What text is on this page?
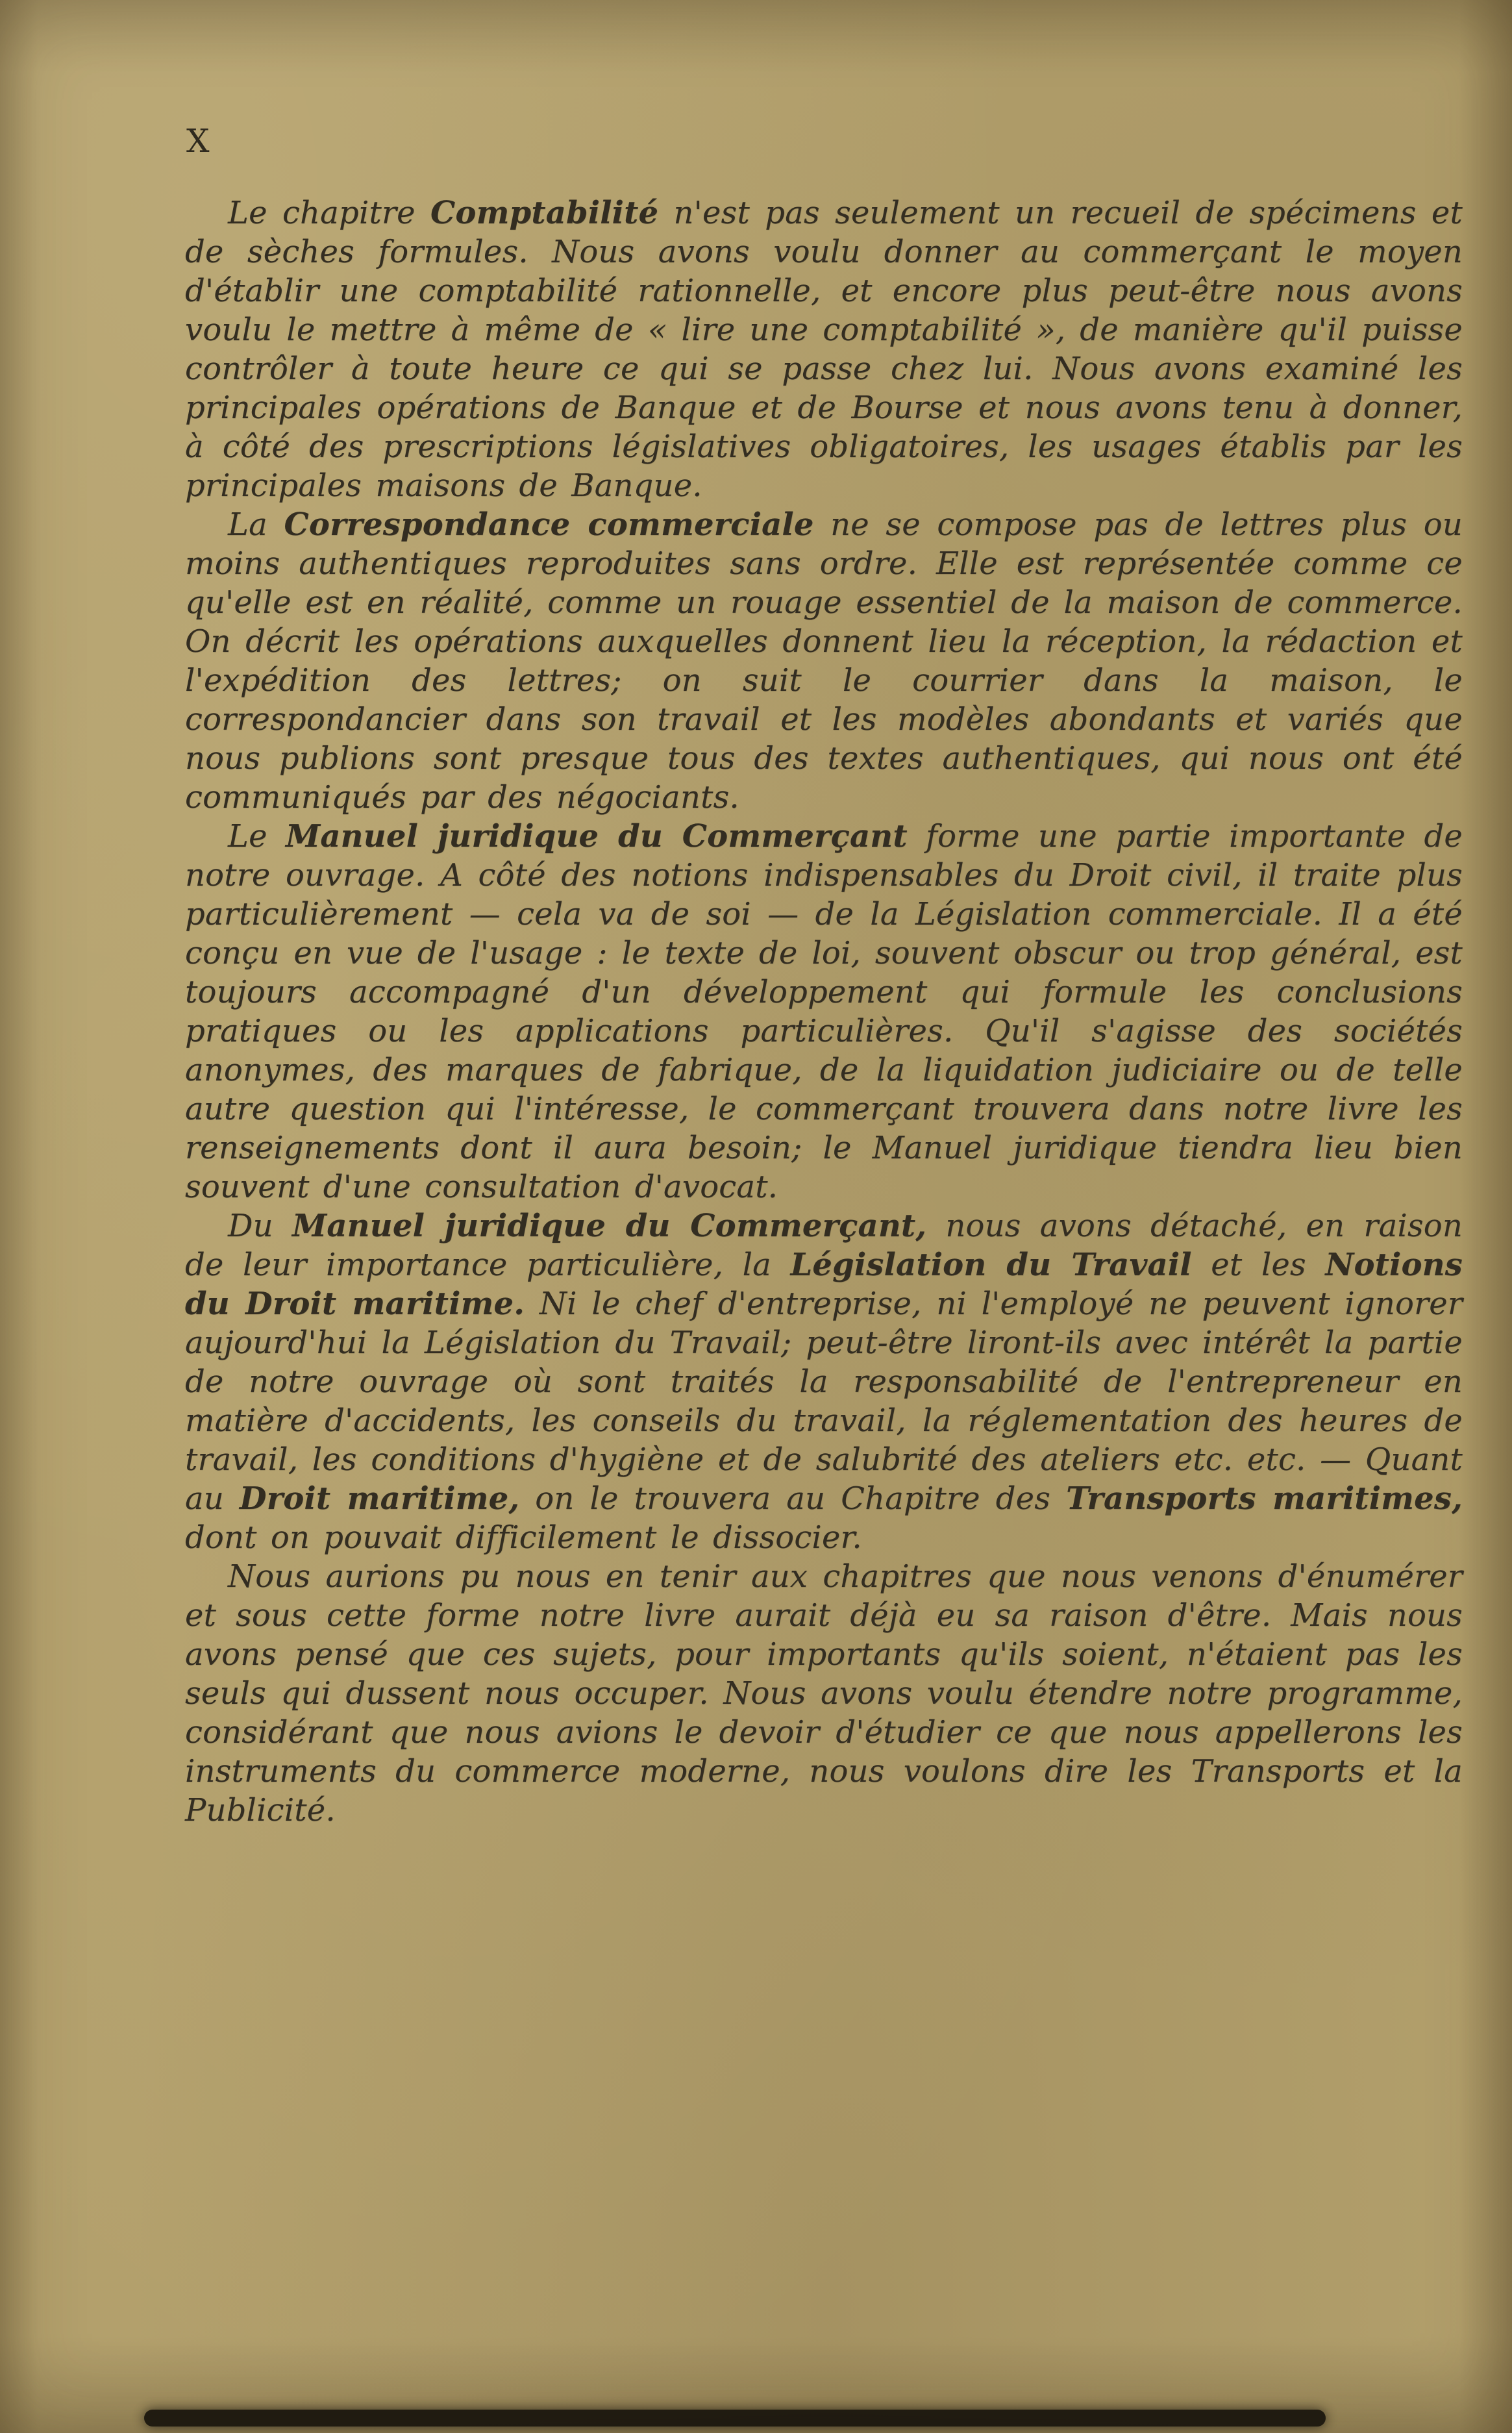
X

Le chapitre Comptabilité n'est pas seulement un recueil de spécimens et de sèches formules. Nous avons voulu donner au commerçant le moyen d'établir une comptabilité rationnelle, et encore plus peut-être nous avons voulu le mettre à même de « lire une comptabilité », de manière qu'il puisse contrôler à toute heure ce qui se passe chez lui. Nous avons examiné les principales opérations de Banque et de Bourse et nous avons tenu à donner, à côté des prescriptions législatives obligatoires, les usages établis par les principales maisons de Banque.

La Correspondance commerciale ne se compose pas de lettres plus ou moins authentiques reproduites sans ordre. Elle est représentée comme ce qu'elle est en réalité, comme un rouage essentiel de la maison de commerce. On décrit les opérations auxquelles donnent lieu la réception, la rédaction et l'expédition des lettres; on suit le courrier dans la maison, le correspondancier dans son travail et les modèles abondants et variés que nous publions sont presque tous des textes authentiques, qui nous ont été communiqués par des négociants.

Le Manuel juridique du Commerçant forme une partie importante de notre ouvrage. A côté des notions indispensables du Droit civil, il traite plus particulièrement — cela va de soi — de la Législation commerciale. Il a été conçu en vue de l'usage : le texte de loi, souvent obscur ou trop général, est toujours accompagné d'un développement qui formule les conclusions pratiques ou les applications particulières. Qu'il s'agisse des sociétés anonymes, des marques de fabrique, de la liquidation judiciaire ou de telle autre question qui l'intéresse, le commerçant trouvera dans notre livre les renseignements dont il aura besoin; le Manuel juridique tiendra lieu bien souvent d'une consultation d'avocat.

Du Manuel juridique du Commerçant, nous avons détaché, en raison de leur importance particulière, la Législation du Travail et les Notions du Droit maritime. Ni le chef d'entreprise, ni l'employé ne peuvent ignorer aujourd'hui la Législation du Travail; peut-être liront-ils avec intérêt la partie de notre ouvrage où sont traités la responsabilité de l'entrepreneur en matière d'accidents, les conseils du travail, la réglementation des heures de travail, les conditions d'hygiène et de salubrité des ateliers etc. etc. — Quant au Droit maritime, on le trouvera au Chapitre des Transports maritimes, dont on pouvait difficilement le dissocier.

Nous aurions pu nous en tenir aux chapitres que nous venons d'énumérer et sous cette forme notre livre aurait déjà eu sa raison d'être. Mais nous avons pensé que ces sujets, pour importants qu'ils soient, n'étaient pas les seuls qui dussent nous occuper. Nous avons voulu étendre notre programme, considérant que nous avions le devoir d'étudier ce que nous appellerons les instruments du commerce moderne, nous voulons dire les Transports et la Publicité.
